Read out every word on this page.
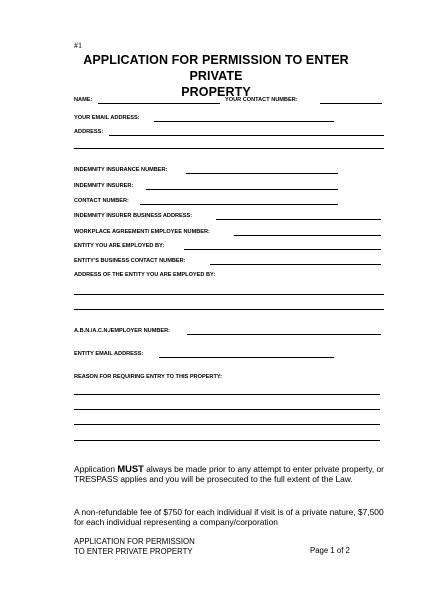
#1
APPLICATION FOR PERMISSION TO ENTER PRIVATE
PROPERTY
NAME:	YOUR CONTACT NUMBER:
YOUR EMAIL ADDRESS:
ADDRESS:
INDEMNITY INSURANCE NUMBER:
INDEMNITY INSURER:
CONTACT NUMBER:
INDEMNITY INSURER BUSINESS ADDRESS:
WORKPLACE AGREEMENT/ EMPLOYEE NUMBER:
ENTITY YOU ARE EMPLOYED BY:
ENTITY'S BUSINESS CONTACT NUMBER:
ADDRESS OF THE ENTITY YOU ARE EMPLOYED BY:
A.B.N./A.C.N./EMPLOYER NUMBER:
ENTITY EMAIL ADDRESS:
REASON FOR REQUIRING ENTRY TO THIS PROPERTY:
Application MUST always be made prior to any attempt to enter private property, or TRESPASS applies and you will be prosecuted to the full extent of the Law.
A non-refundable fee of $750 for each individual if visit is of a private nature, $7,500 for each individual representing a company/corporation
APPLICATION FOR PERMISSION
TO ENTER PRIVATE PROPERTY	Page 1 of 2
